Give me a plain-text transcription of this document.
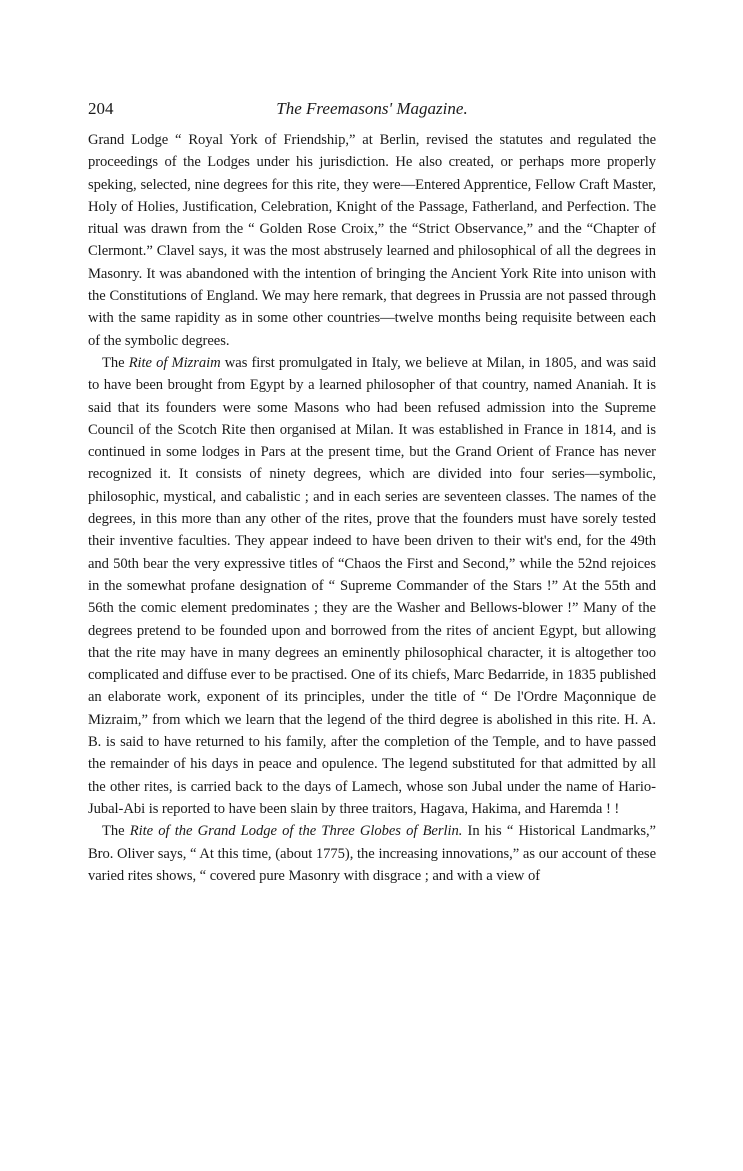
204	The Freemasons' Magazine.

Grand Lodge “ Royal York of Friendship,” at Berlin, revised the statutes and regulated the proceedings of the Lodges under his jurisdiction. He also created, or perhaps more properly speking, selected, nine degrees for this rite, they were—Entered Apprentice, Fellow Craft Master, Holy of Holies, Justification, Celebration, Knight of the Passage, Fatherland, and Perfection. The ritual was drawn from the “ Golden Rose Croix,” the “Strict Observance,” and the “Chapter of Clermont.” Clavel says, it was the most abstrusely learned and philosophical of all the degrees in Masonry. It was abandoned with the intention of bringing the Ancient York Rite into unison with the Constitutions of England. We may here remark, that degrees in Prussia are not passed through with the same rapidity as in some other countries—twelve months being requisite between each of the symbolic degrees.

The Rite of Mizraim was first promulgated in Italy, we believe at Milan, in 1805, and was said to have been brought from Egypt by a learned philosopher of that country, named Ananiah. It is said that its founders were some Masons who had been refused admission into the Supreme Council of the Scotch Rite then organised at Milan. It was established in France in 1814, and is continued in some lodges in Pars at the present time, but the Grand Orient of France has never recognized it. It consists of ninety degrees, which are divided into four series—symbolic, philosophic, mystical, and cabalistic ; and in each series are seventeen classes. The names of the degrees, in this more than any other of the rites, prove that the founders must have sorely tested their inventive faculties. They appear indeed to have been driven to their wit's end, for the 49th and 50th bear the very expressive titles of “Chaos the First and Second,” while the 52nd rejoices in the somewhat profane designation of “ Supreme Commander of the Stars !” At the 55th and 56th the comic element predominates ; they are the Washer and Bellows-blower !” Many of the degrees pretend to be founded upon and borrowed from the rites of ancient Egypt, but allowing that the rite may have in many degrees an eminently philosophical character, it is altogether too complicated and diffuse ever to be practised. One of its chiefs, Marc Bedarride, in 1835 published an elaborate work, exponent of its principles, under the title of “ De l'Ordre Maçonnique de Mizraim,” from which we learn that the legend of the third degree is abolished in this rite. H. A. B. is said to have returned to his family, after the completion of the Temple, and to have passed the remainder of his days in peace and opulence. The legend substituted for that admitted by all the other rites, is carried back to the days of Lamech, whose son Jubal under the name of Hario-Jubal-Abi is reported to have been slain by three traitors, Hagava, Hakima, and Haremda ! !

The Rite of the Grand Lodge of the Three Globes of Berlin. In his “ Historical Landmarks,” Bro. Oliver says, “ At this time, (about 1775), the increasing innovations,” as our account of these varied rites shows, “ covered pure Masonry with disgrace ; and with a view of
